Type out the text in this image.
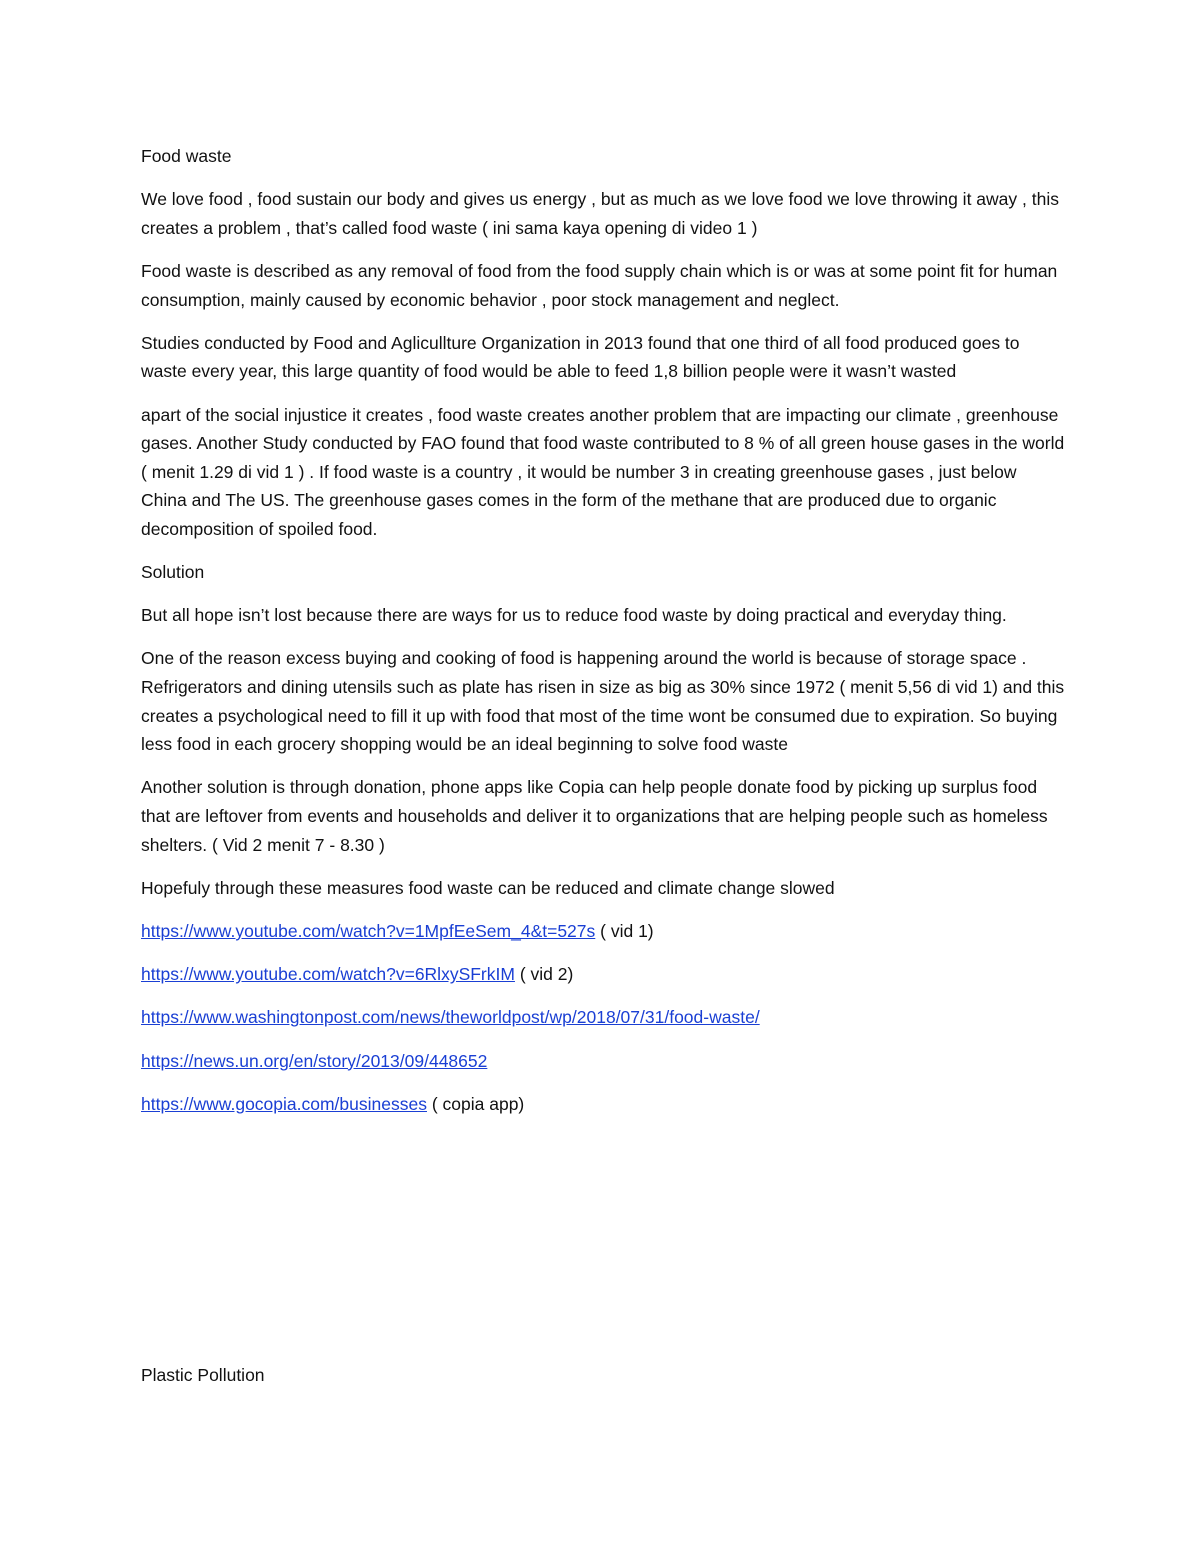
Food waste

We love food , food sustain our body and gives us energy , but as much as we love food we love throwing it away , this creates a problem , that’s called food waste ( ini sama kaya opening di video 1 )

Food waste is described as any removal of food from the food supply chain which is or was at some point fit for human consumption, mainly caused by economic behavior , poor stock management and neglect.

Studies conducted by Food and Aglicullture Organization in 2013 found that one third of all food produced goes to waste every year, this large quantity of food would be able to feed 1,8 billion people were it wasn’t wasted

apart of the social injustice it creates , food waste creates another problem that are impacting our climate , greenhouse gases. Another Study conducted by FAO found that food waste contributed to 8 % of all green house gases in the world ( menit 1.29 di vid 1 ) . If food waste is a country , it would be number 3 in creating greenhouse gases , just below China and The US. The greenhouse gases comes in the form of the methane that are produced due to organic decomposition of spoiled food.

Solution

But all hope isn’t lost because there are ways for us to reduce food waste by doing practical and everyday thing.

One of the reason excess buying and cooking of food is happening around the world is because of storage space . Refrigerators and dining utensils such as plate has risen in size as big as 30% since 1972 ( menit 5,56 di vid 1) and this creates a psychological need to fill it up with food that most of the time wont be consumed due to expiration. So buying less food in each grocery shopping would be an ideal beginning to solve food waste

Another solution is through donation, phone apps like Copia can help people donate food by picking up surplus food that are leftover from events and households and deliver it to organizations that are helping people such as homeless shelters. ( Vid 2 menit 7 - 8.30 )

Hopefuly through these measures food waste can be reduced and climate change slowed

https://www.youtube.com/watch?v=1MpfEeSem_4&t=527s ( vid 1)

https://www.youtube.com/watch?v=6RlxySFrkIM ( vid 2)

https://www.washingtonpost.com/news/theworldpost/wp/2018/07/31/food-waste/

https://news.un.org/en/story/2013/09/448652

https://www.gocopia.com/businesses ( copia app)

Plastic Pollution
